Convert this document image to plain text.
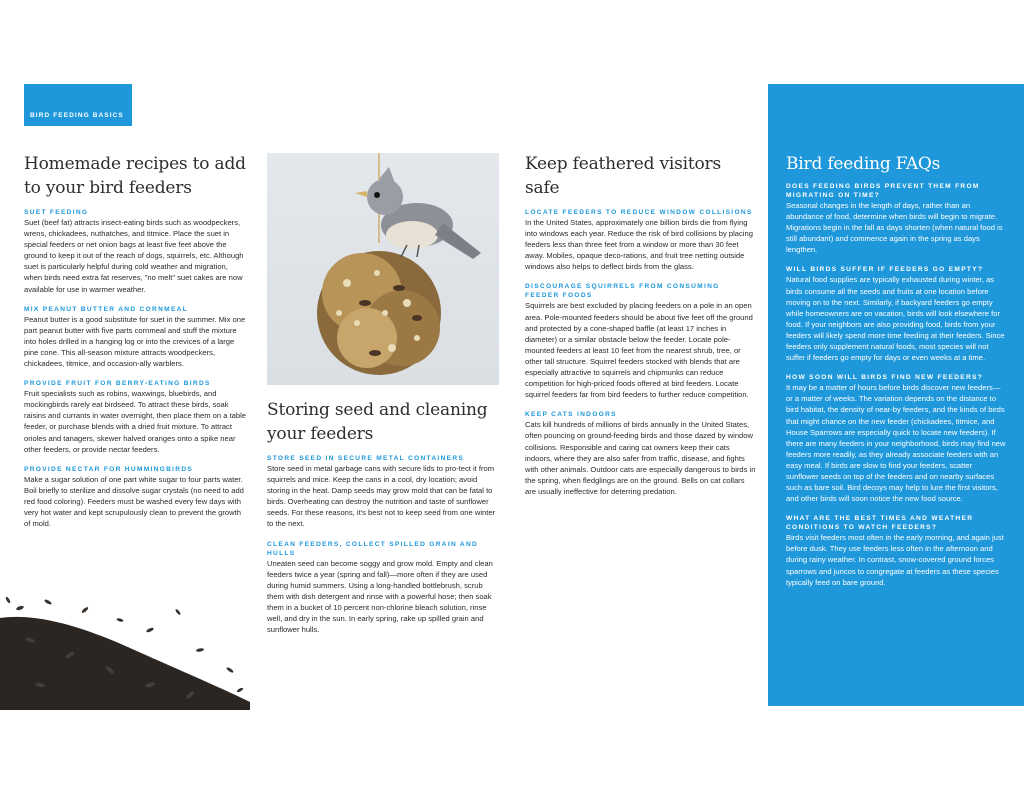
BIRD FEEDING BASICS
Homemade recipes to add to your bird feeders
SUET FEEDING

Suet (beef fat) attracts insect-eating birds such as woodpeckers, wrens, chickadees, nuthatches, and titmice. Place the suet in special feeders or net onion bags at least five feet above the ground to keep it out of the reach of dogs, squirrels, etc. Although suet is particularly helpful during cold weather and migration, when birds need extra fat reserves, "no melt" suet cakes are now available for use in warmer weather.

MIX PEANUT BUTTER AND CORNMEAL

Peanut butter is a good substitute for suet in the summer. Mix one part peanut butter with five parts cornmeal and stuff the mixture into holes drilled in a hanging log or into the crevices of a large pine cone. This all-season mixture attracts woodpeckers, chickadees, titmice, and occasion-ally warblers.

PROVIDE FRUIT FOR BERRY-EATING BIRDS

Fruit specialists such as robins, waxwings, bluebirds, and mockingbirds rarely eat birdseed. To attract these birds, soak raisins and currants in water overnight, then place them on a table feeder, or purchase blends with a dried fruit mixture. To attract orioles and tanagers, skewer halved oranges onto a spike near other feeders, or provide nectar feeders.

PROVIDE NECTAR FOR HUMMINGBIRDS

Make a sugar solution of one part white sugar to four parts water. Boil briefly to sterilize and dissolve sugar crystals (no need to add red food coloring). Feeders must be washed every few days with very hot water and kept scrupulously clean to prevent the growth of mold.

Storing seed and cleaning your feeders
STORE SEED IN SECURE METAL CONTAINERS

Store seed in metal garbage cans with secure lids to pro-tect it from squirrels and mice. Keep the cans in a cool, dry location; avoid storing in the heat. Damp seeds may grow mold that can be fatal to birds. Overheating can destroy the nutrition and taste of sunflower seeds. For these reasons, it's best not to keep seed from one winter to the next.

CLEAN FEEDERS, COLLECT SPILLED GRAIN AND HULLS

Uneaten seed can become soggy and grow mold. Empty and clean feeders twice a year (spring and fall)—more often if they are used during humid summers. Using a long-handled bottlebrush, scrub them with dish detergent and rinse with a powerful hose; then soak them in a bucket of 10 percent non-chlorine bleach solution, rinse well, and dry in the sun. In early spring, rake up spilled grain and sunflower hulls.

Keep feathered visitors safe
LOCATE FEEDERS TO REDUCE WINDOW COLLISIONS

In the United States, approximately one billion birds die from flying into windows each year. Reduce the risk of bird collisions by placing feeders less than three feet from a window or more than 30 feet away. Mobiles, opaque deco-rations, and fruit tree netting outside windows also helps to deflect birds from the glass.

DISCOURAGE SQUIRRELS FROM CONSUMING FEEDER FOODS

Squirrels are best excluded by placing feeders on a pole in an open area. Pole-mounted feeders should be about five feet off the ground and protected by a cone-shaped baffle (at least 17 inches in diameter) or a similar obstacle below the feeder. Locate pole-mounted feeders at least 10 feet from the nearest shrub, tree, or other tall structure. Squirrel feeders stocked with blends that are especially attractive to squirrels and chipmunks can reduce competition for high-priced foods offered at bird feeders. Locate squirrel feeders far from bird feeders to further reduce competition.

KEEP CATS INDOORS

Cats kill hundreds of millions of birds annually in the United States, often pouncing on ground-feeding birds and those dazed by window collisions. Responsible and caring cat owners keep their cats indoors, where they are also safer from traffic, disease, and fights with other animals. Outdoor cats are especially dangerous to birds in the spring, when fledglings are on the ground. Bells on cat collars are usually ineffective for deterring predation.

Bird feeding FAQs
DOES FEEDING BIRDS PREVENT THEM FROM MIGRATING ON TIME?

Seasonal changes in the length of days, rather than an abundance of food, determine when birds will begin to migrate. Migrations begin in the fall as days shorten (when natural food is still abundant) and commence again in the spring as days lengthen.

WILL BIRDS SUFFER IF FEEDERS GO EMPTY?

Natural food supplies are typically exhausted during winter, as birds consume all the seeds and fruits at one location before moving on to the next. Similarly, if backyard feeders go empty while homeowners are on vacation, birds will look elsewhere for food. If your neighbors are also providing food, birds from your feeders will likely spend more time feeding at their feeders. Since feeders only supplement natural foods, most species will not suffer if feeders go empty for days or even weeks at a time.

HOW SOON WILL BIRDS FIND NEW FEEDERS?

It may be a matter of hours before birds discover new feeders—or a matter of weeks. The variation depends on the distance to bird habitat, the density of near-by feeders, and the kinds of birds that might chance on the new feeder (chickadees, titmice, and House Sparrows are especially quick to locate new feeders). If there are many feeders in your neighborhood, birds may find new feeders more readily, as they already associate feeders with an easy meal. If birds are slow to find your feeders, scatter sunflower seeds on top of the feeders and on nearby surfaces such as bare soil. Bird decoys may help to lure the first visitors, and other birds will soon notice the new food source.

WHAT ARE THE BEST TIMES AND WEATHER CONDITIONS TO WATCH FEEDERS?

Birds visit feeders most often in the early morning, and again just before dusk. They use feeders less often in the afternoon and during rainy weather. In contrast, snow-covered ground forces sparrows and juncos to congregate at feeders as these species typically feed on bare ground.
